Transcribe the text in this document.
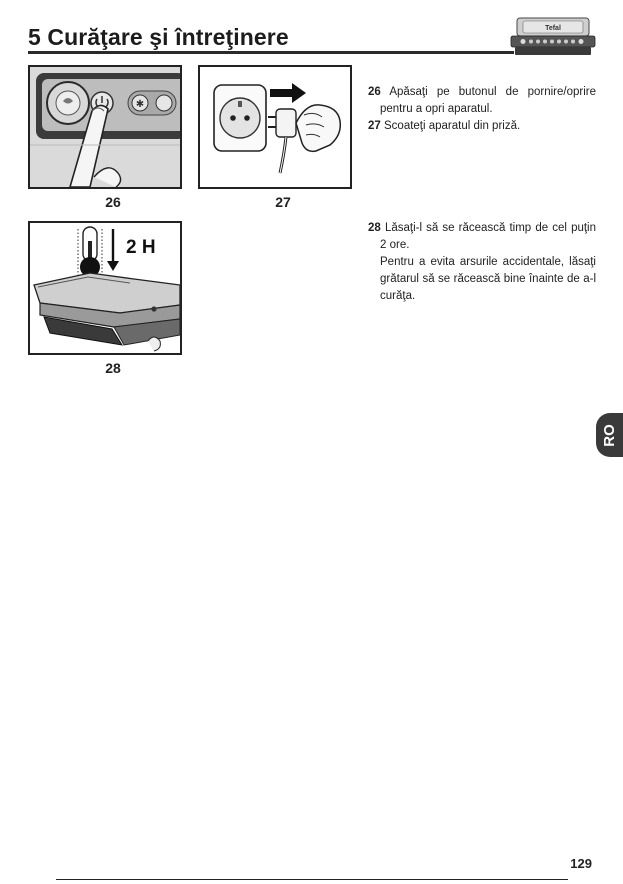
5 Curăţare şi întreţinere	Tefal
✱
26	27
2 H
28

26 Apăsaţi pe butonul de pornire/oprire pentru a opri aparatul.

27 Scoateţi aparatul din priză.

28 Lăsaţi-l să se răcească timp de cel puţin 2 ore.

Pentru a evita arsurile accidentale, lăsaţi grătarul să se răcească bine înainte de a-l curăţa.

RO
129
